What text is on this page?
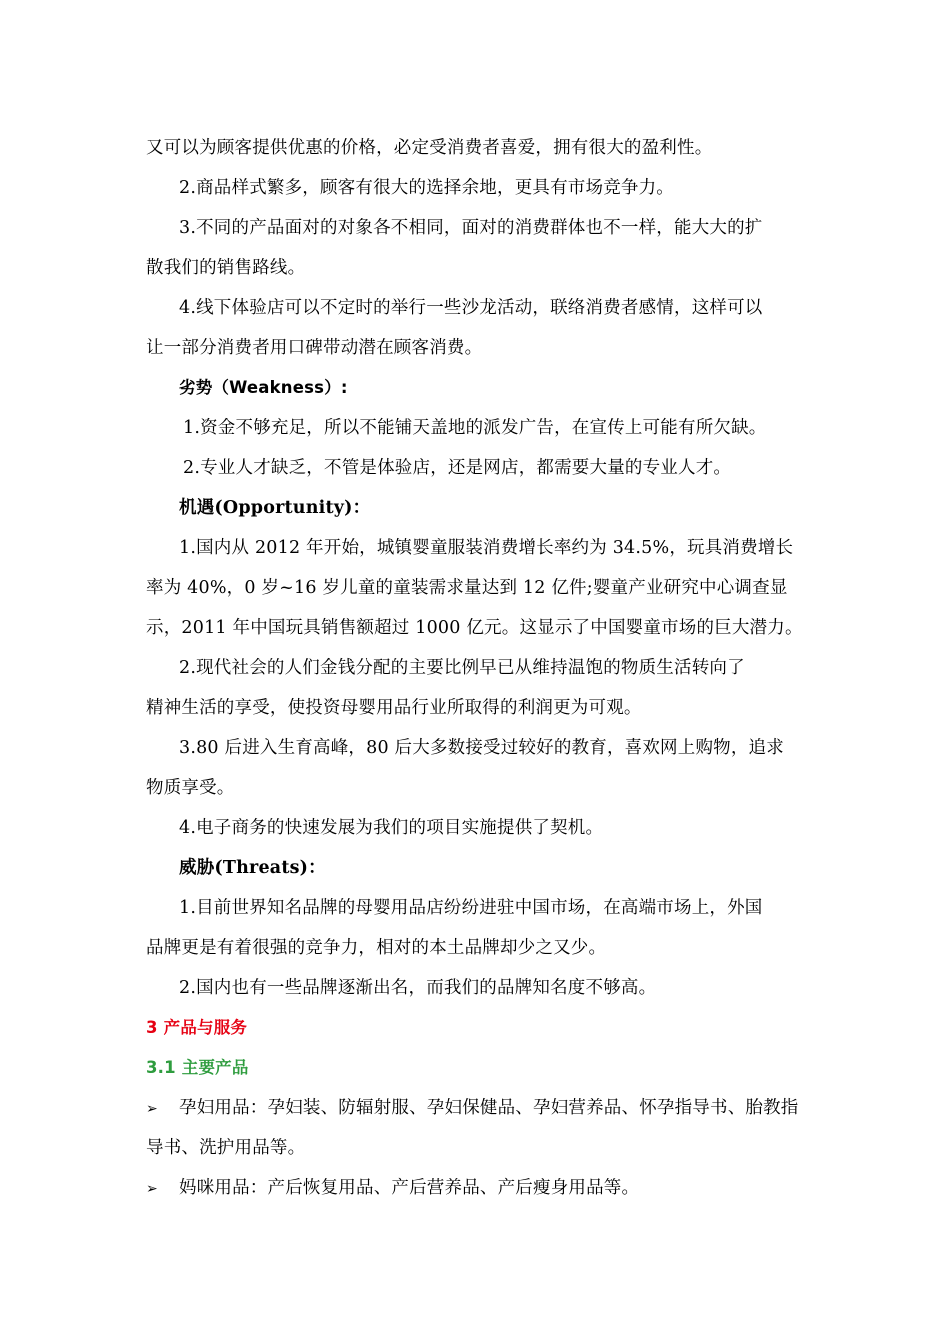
又可以为顾客提供优惠的价格，必定受消费者喜爱，拥有很大的盈利性。
2.商品样式繁多，顾客有很大的选择余地，更具有市场竞争力。
3.不同的产品面对的对象各不相同，面对的消费群体也不一样，能大大的扩
散我们的销售路线。
4.线下体验店可以不定时的举行一些沙龙活动，联络消费者感情，这样可以
让一部分消费者用口碑带动潜在顾客消费。
劣势（Weakness）:
1.资金不够充足，所以不能铺天盖地的派发广告，在宣传上可能有所欠缺。
2.专业人才缺乏，不管是体验店，还是网店，都需要大量的专业人才。
机遇(Opportunity)：
1.国内从 2012 年开始，城镇婴童服装消费增长率约为 34.5%，玩具消费增长
率为 40%，0 岁~16 岁儿童的童装需求量达到 12 亿件;婴童产业研究中心调查显
示，2011 年中国玩具销售额超过 1000 亿元。这显示了中国婴童市场的巨大潜力。
2.现代社会的人们金钱分配的主要比例早已从维持温饱的物质生活转向了
精神生活的享受，使投资母婴用品行业所取得的利润更为可观。
3.80 后进入生育高峰，80 后大多数接受过较好的教育，喜欢网上购物，追求
物质享受。
4.电子商务的快速发展为我们的项目实施提供了契机。
威胁(Threats)：
1.目前世界知名品牌的母婴用品店纷纷进驻中国市场，在高端市场上，外国
品牌更是有着很强的竞争力，相对的本土品牌却少之又少。
2.国内也有一些品牌逐渐出名，而我们的品牌知名度不够高。
3 产品与服务
3.1 主要产品
➢ 孕妇用品：孕妇装、防辐射服、孕妇保健品、孕妇营养品、怀孕指导书、胎教指
导书、洗护用品等。
➢ 妈咪用品：产后恢复用品、产后营养品、产后瘦身用品等。
